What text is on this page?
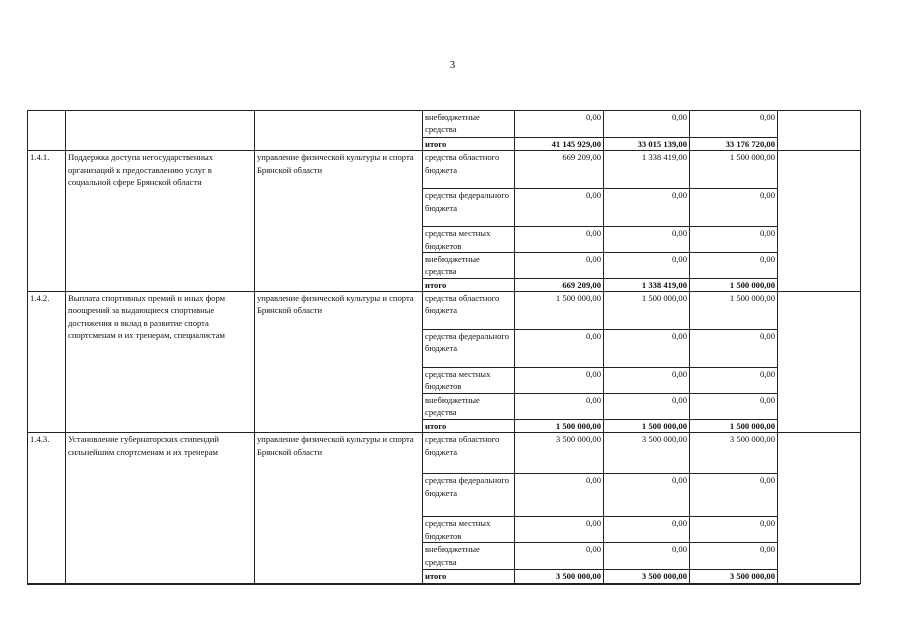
3
			внебюджетные средства	0,00	0,00	0,00	
			итого	41 145 929,00	33 015 139,00	33 176 720,00	
1.4.1.	Поддержка доступа негосударственных организаций к предоставлению услуг в социальной сфере Брянской области	управление физической культуры и спорта Брянской области	средства областного бюджета	669 209,00	1 338 419,00	1 500 000,00	
			средства федерального бюджета	0,00	0,00	0,00	
			средства местных бюджетов	0,00	0,00	0,00	
			внебюджетные средства	0,00	0,00	0,00	
			итого	669 209,00	1 338 419,00	1 500 000,00	
1.4.2.	Выплата спортивных премий и иных форм поощрений за выдающиеся спортивные достижения и вклад в развитие спорта спортсменам и их тренерам, специалистам	управление физической культуры и спорта Брянской области	средства областного бюджета	1 500 000,00	1 500 000,00	1 500 000,00	
			средства федерального бюджета	0,00	0,00	0,00	
			средства местных бюджетов	0,00	0,00	0,00	
			внебюджетные средства	0,00	0,00	0,00	
			итого	1 500 000,00	1 500 000,00	1 500 000,00	
1.4.3.	Установление губернаторских стипендий сильнейшим спортсменам и их тренерам	управление физической культуры и спорта Брянской области	средства областного бюджета	3 500 000,00	3 500 000,00	3 500 000,00	
			средства федерального бюджета	0,00	0,00	0,00	
			средства местных бюджетов	0,00	0,00	0,00	
			внебюджетные средства	0,00	0,00	0,00	
			итого	3 500 000,00	3 500 000,00	3 500 000,00	
